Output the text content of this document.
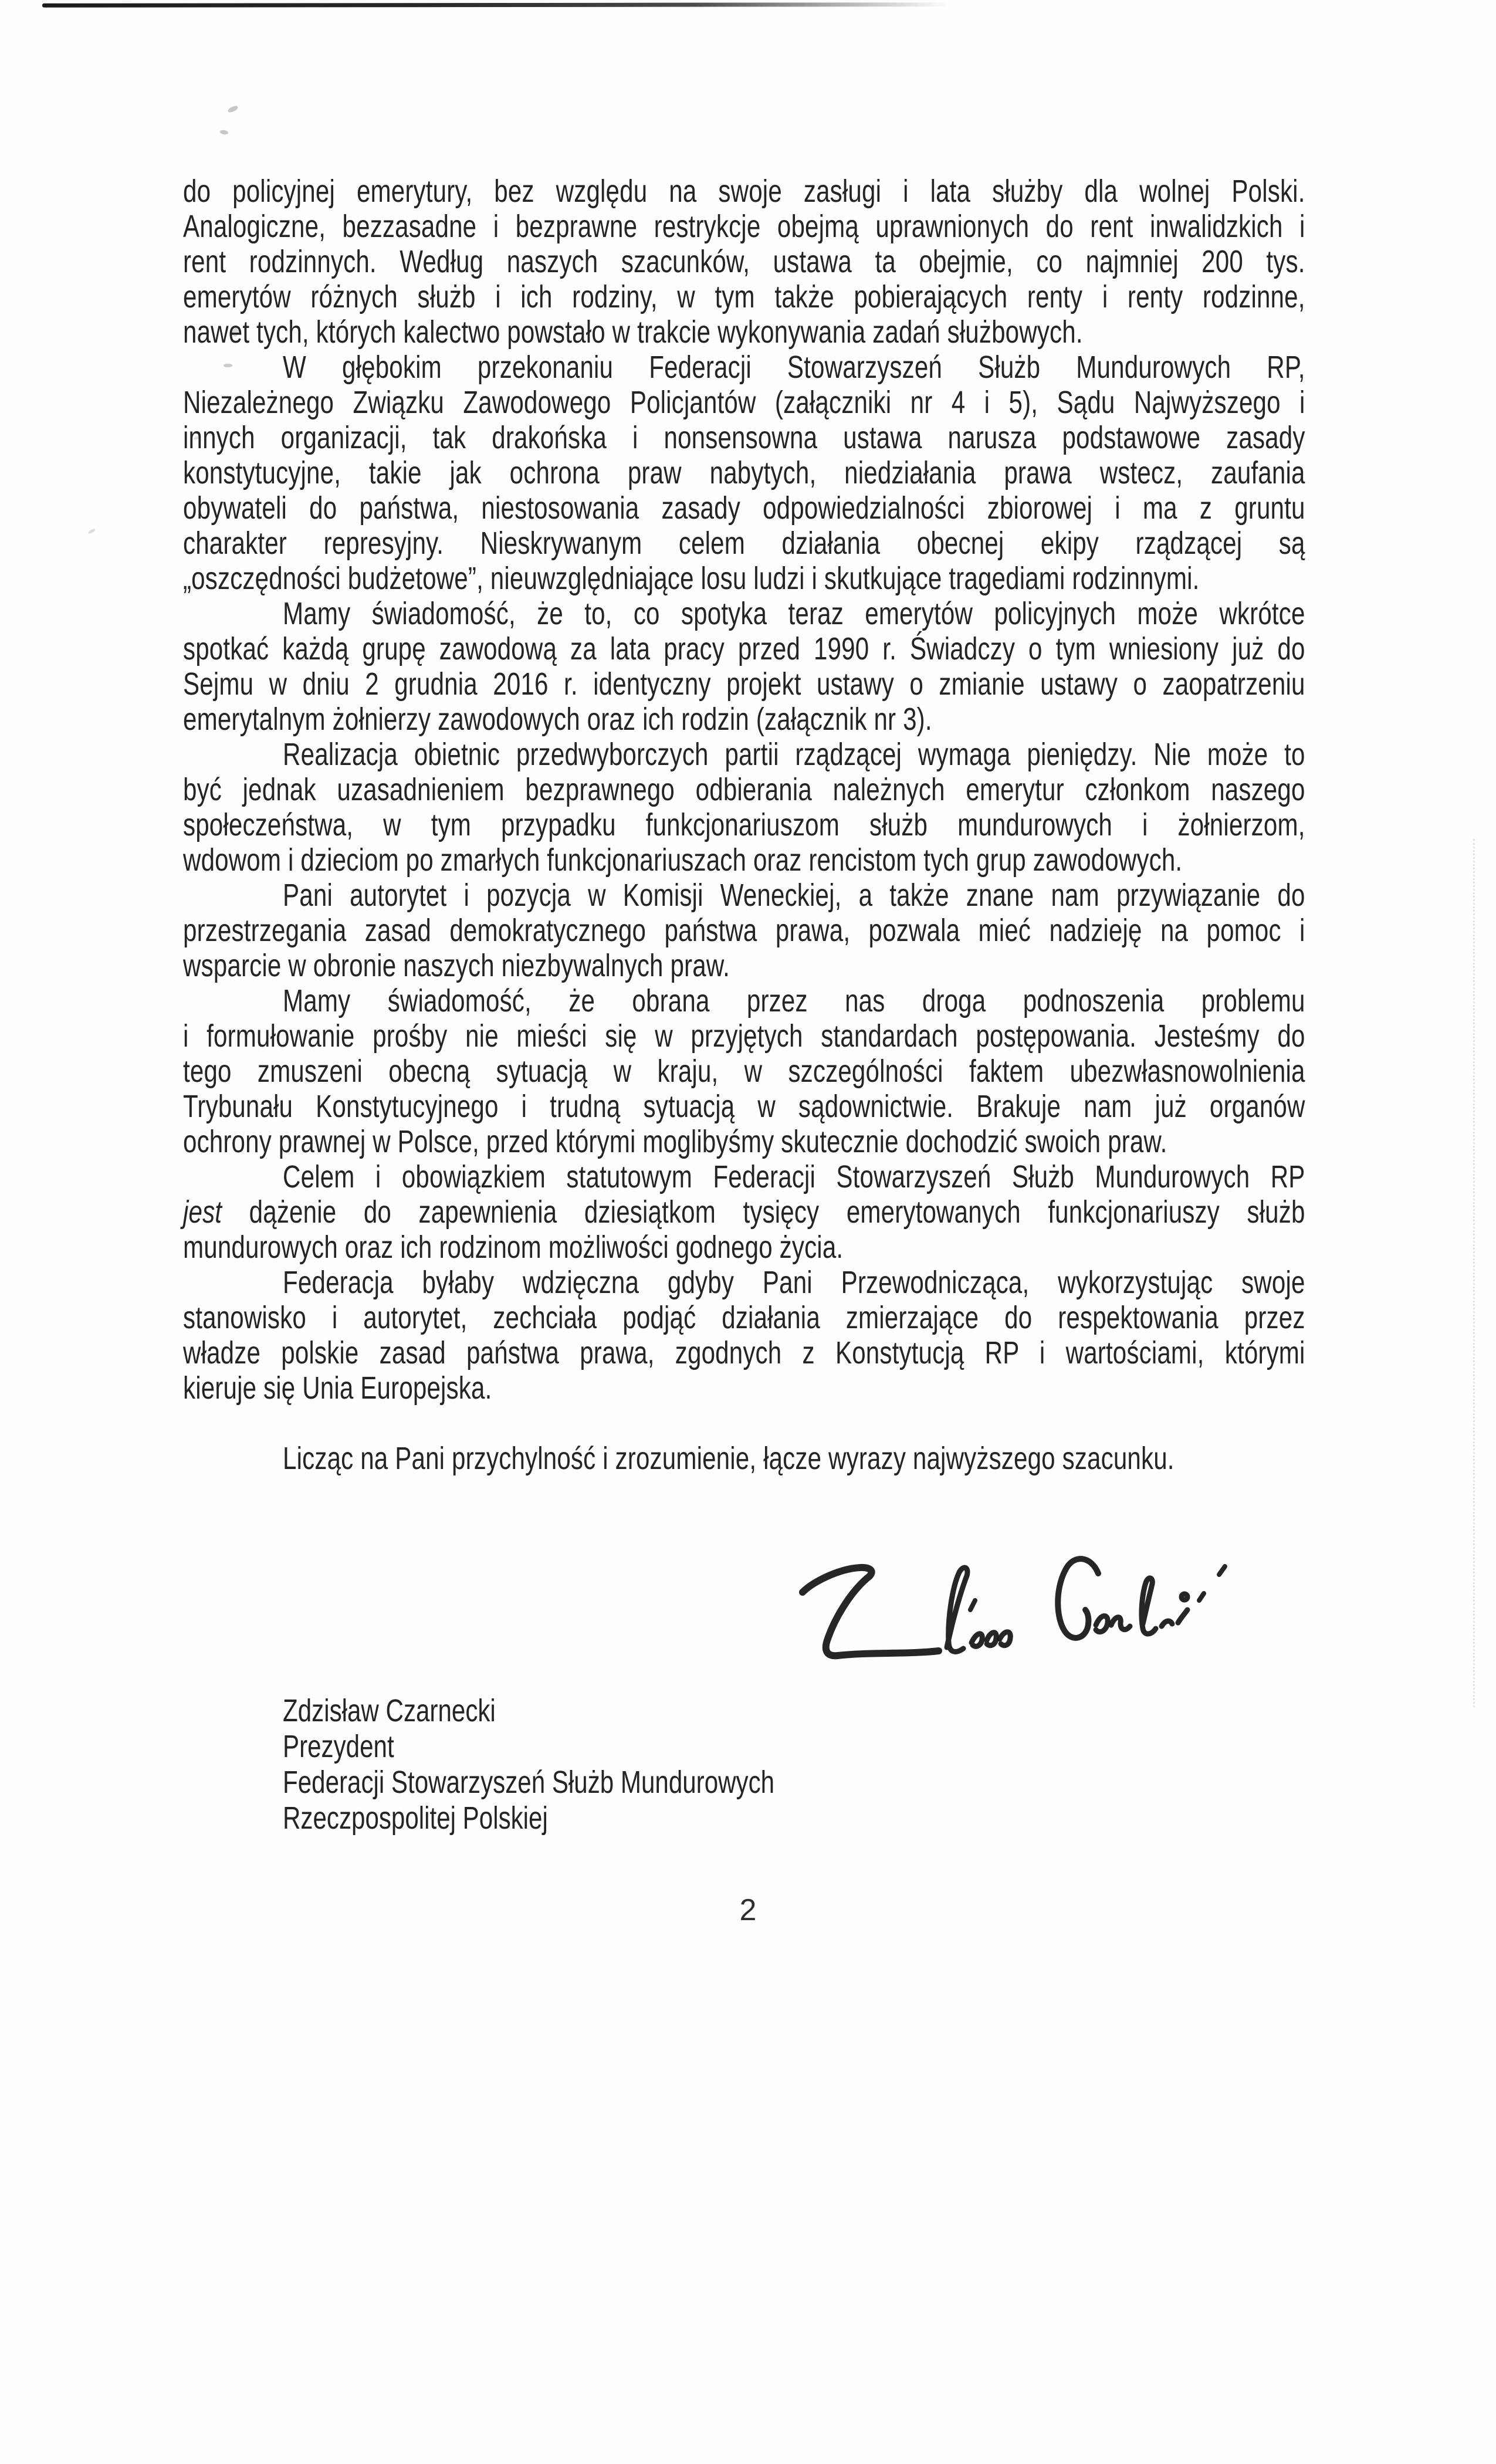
do policyjnej emerytury, bez względu na swoje zasługi i lata służby dla wolnej Polski.
Analogiczne, bezzasadne i bezprawne restrykcje obejmą uprawnionych do rent inwalidzkich i
rent rodzinnych. Według naszych szacunków, ustawa ta obejmie, co najmniej 200 tys.
emerytów różnych służb i ich rodziny, w tym także pobierających renty i renty rodzinne,
nawet tych, których kalectwo powstało w trakcie wykonywania zadań służbowych.
W głębokim przekonaniu Federacji Stowarzyszeń Służb Mundurowych RP,
Niezależnego Związku Zawodowego Policjantów (załączniki nr 4 i 5), Sądu Najwyższego i
innych organizacji, tak drakońska i nonsensowna ustawa narusza podstawowe zasady
konstytucyjne, takie jak ochrona praw nabytych, niedziałania prawa wstecz, zaufania
obywateli do państwa, niestosowania zasady odpowiedzialności zbiorowej i ma z gruntu
charakter represyjny. Nieskrywanym celem działania obecnej ekipy rządzącej są
„oszczędności budżetowe”, nieuwzględniające losu ludzi i skutkujące tragediami rodzinnymi.
Mamy świadomość, że to, co spotyka teraz emerytów policyjnych może wkrótce
spotkać każdą grupę zawodową za lata pracy przed 1990 r. Świadczy o tym wniesiony już do
Sejmu w dniu 2 grudnia 2016 r. identyczny projekt ustawy o zmianie ustawy o zaopatrzeniu
emerytalnym żołnierzy zawodowych oraz ich rodzin (załącznik nr 3).
Realizacja obietnic przedwyborczych partii rządzącej wymaga pieniędzy. Nie może to
być jednak uzasadnieniem bezprawnego odbierania należnych emerytur członkom naszego
społeczeństwa, w tym przypadku funkcjonariuszom służb mundurowych i żołnierzom,
wdowom i dzieciom po zmarłych funkcjonariuszach oraz rencistom tych grup zawodowych.
Pani autorytet i pozycja w Komisji Weneckiej, a także znane nam przywiązanie do
przestrzegania zasad demokratycznego państwa prawa, pozwala mieć nadzieję na pomoc i
wsparcie w obronie naszych niezbywalnych praw.
Mamy świadomość, że obrana przez nas droga podnoszenia problemu
i formułowanie prośby nie mieści się w przyjętych standardach postępowania. Jesteśmy do
tego zmuszeni obecną sytuacją w kraju, w szczególności faktem ubezwłasnowolnienia
Trybunału Konstytucyjnego i trudną sytuacją w sądownictwie. Brakuje nam już organów
ochrony prawnej w Polsce, przed którymi moglibyśmy skutecznie dochodzić swoich praw.
Celem i obowiązkiem statutowym Federacji Stowarzyszeń Służb Mundurowych RP
jest dążenie do zapewnienia dziesiątkom tysięcy emerytowanych funkcjonariuszy służb
mundurowych oraz ich rodzinom możliwości godnego życia.
Federacja byłaby wdzięczna gdyby Pani Przewodnicząca, wykorzystując swoje
stanowisko i autorytet, zechciała podjąć działania zmierzające do respektowania przez
władze polskie zasad państwa prawa, zgodnych z Konstytucją RP i wartościami, którymi
kieruje się Unia Europejska.
Licząc na Pani przychylność i zrozumienie, łącze wyrazy najwyższego szacunku.
Zdzisław Czarnecki
Prezydent
Federacji Stowarzyszeń Służb Mundurowych
Rzeczpospolitej Polskiej
2
